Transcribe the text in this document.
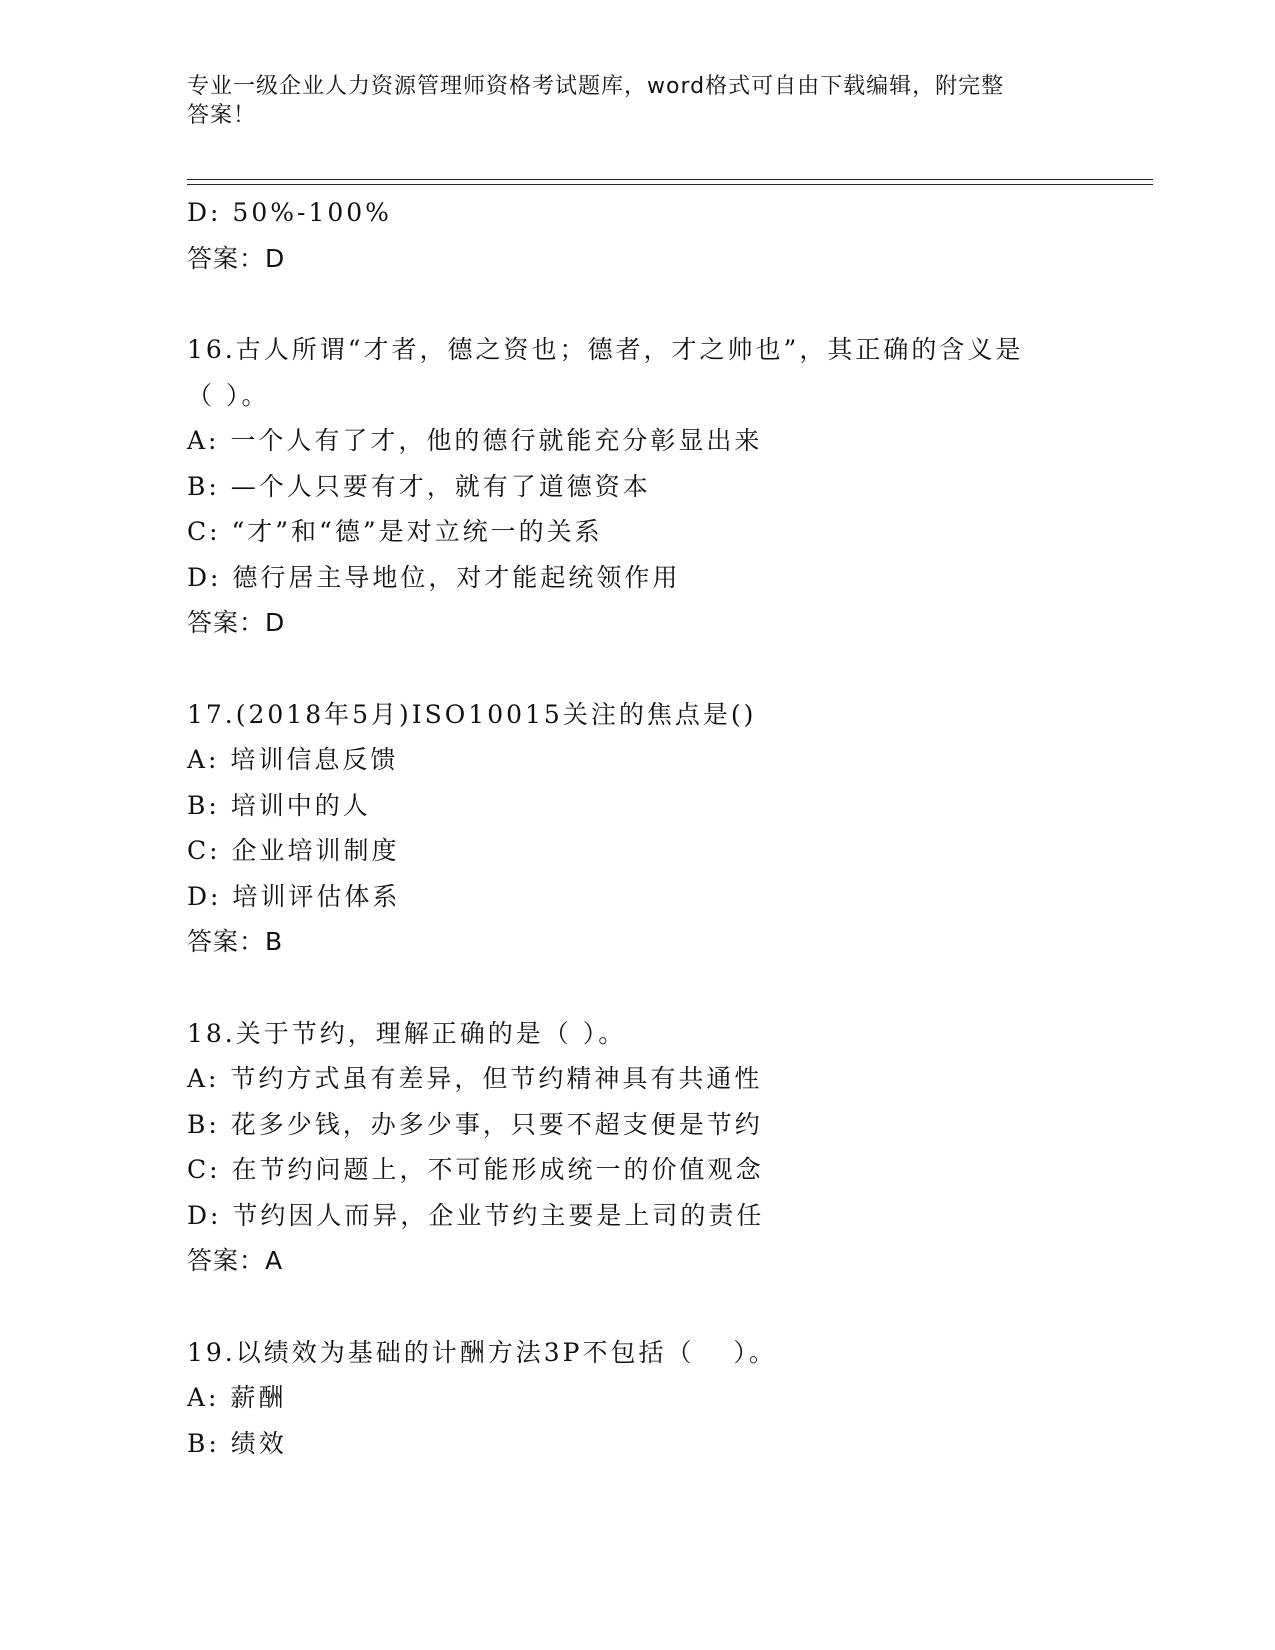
专业一级企业人力资源管理师资格考试题库，word格式可自由下载编辑，附完整
答案！
D: 50%-100%
答案：D
16.古人所谓“才者，德之资也；德者，才之帅也”，其正确的含义是
（ ）。
A: 一个人有了才，他的德行就能充分彰显出来
B: —个人只要有才，就有了道德资本
C: “才”和“德”是对立统一的关系
D: 德行居主导地位，对才能起统领作用
答案：D
17.(2018年5月)ISO10015关注的焦点是()
A: 培训信息反馈
B: 培训中的人
C: 企业培训制度
D: 培训评估体系
答案：B
18.关于节约，理解正确的是（ ）。
A: 节约方式虽有差异，但节约精神具有共通性
B: 花多少钱，办多少事，只要不超支便是节约
C: 在节约问题上，不可能形成统一的价值观念
D: 节约因人而异，企业节约主要是上司的责任
答案：A
19.以绩效为基础的计酬方法3P不包括（　 ）。
A: 薪酬
B: 绩效
